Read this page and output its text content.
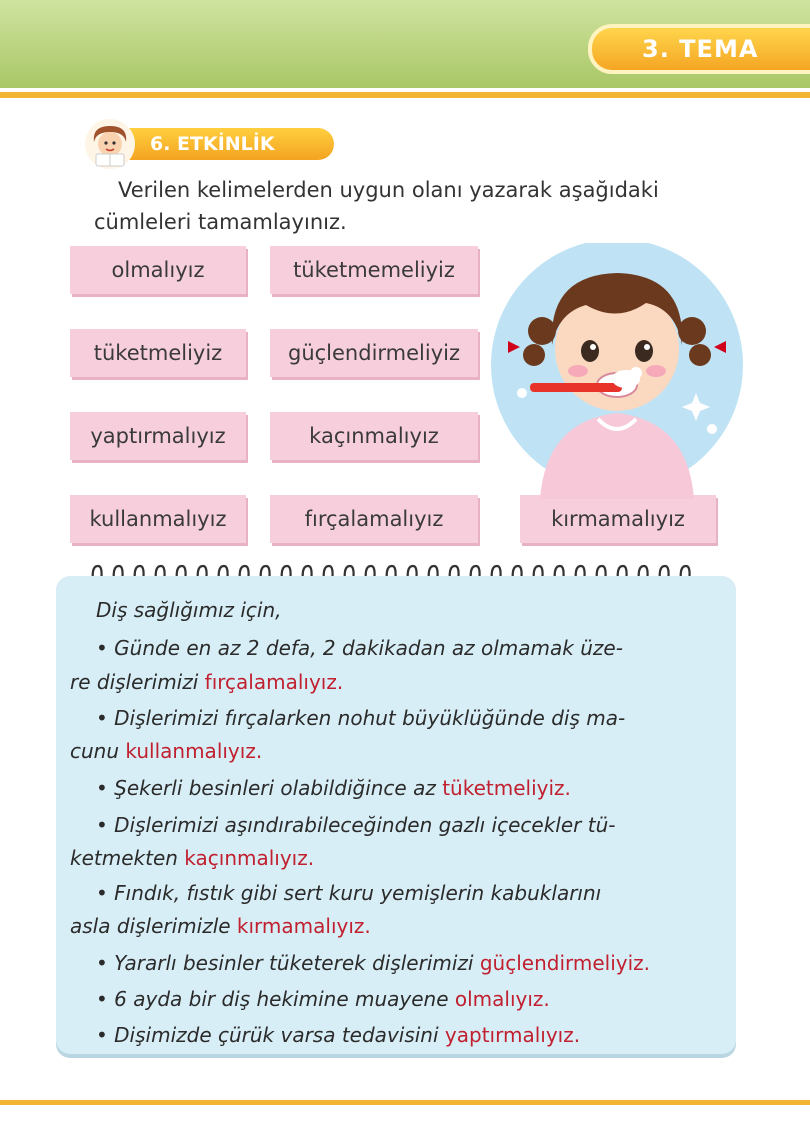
3. TEMA
6. ETKİNLİK

Verilen kelimelerden uygun olanı yazarak aşağıdaki cümleleri tamamlayınız.

olmalıyız	tüketmemeliyiz
tüketmeliyiz	güçlendirmeliyiz
yaptırmalıyız	kaçınmalıyız
kullanmalıyız	fırçalamalıyız	kırmamalıyız
Diş sağlığımız için,
• Günde en az 2 defa, 2 dakikadan az olmamak üze-
re dişlerimizi fırçalamalıyız.
• Dişlerimizi fırçalarken nohut büyüklüğünde diş ma-
cunu kullanmalıyız.
• Şekerli besinleri olabildiğince az tüketmeliyiz.
• Dişlerimizi aşındırabileceğinden gazlı içecekler tü-
ketmekten kaçınmalıyız.
• Fındık, fıstık gibi sert kuru yemişlerin kabuklarını
asla dişlerimizle kırmamalıyız.
• Yararlı besinler tüketerek dişlerimizi güçlendirmeliyiz.
• 6 ayda bir diş hekimine muayene olmalıyız.
• Dişimizde çürük varsa tedavisini yaptırmalıyız.
